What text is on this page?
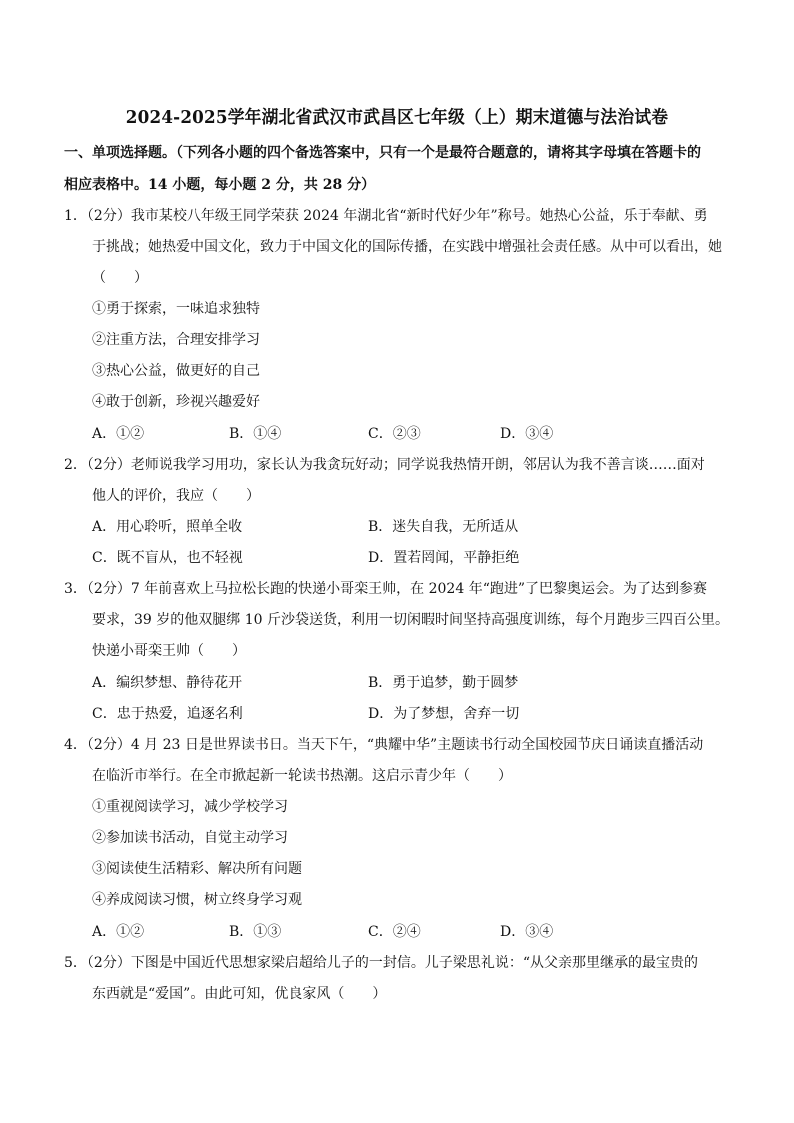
2024-2025学年湖北省武汉市武昌区七年级（上）期末道德与法治试卷
一、单项选择题。（下列各小题的四个备选答案中，只有一个是最符合题意的，请将其字母填在答题卡的
相应表格中。14 小题，每小题 2 分，共 28 分）
1．（2分）我市某校八年级王同学荣获 2024 年湖北省“新时代好少年”称号。她热心公益，乐于奉献、勇
于挑战；她热爱中国文化，致力于中国文化的国际传播，在实践中增强社会责任感。从中可以看出，她
（　　）
①勇于探索，一味追求独特
②注重方法，合理安排学习
③热心公益，做更好的自己
④敢于创新，珍视兴趣爱好
A．①②	B．①④	C．②③	D．③④
2．（2分）老师说我学习用功，家长认为我贪玩好动；同学说我热情开朗，邻居认为我不善言谈……面对
他人的评价，我应（　　）
A．用心聆听，照单全收	B．迷失自我，无所适从
C．既不盲从，也不轻视	D．置若罔闻，平静拒绝
3．（2分）7 年前喜欢上马拉松长跑的快递小哥栾王帅，在 2024 年“跑进”了巴黎奥运会。为了达到参赛
要求，39 岁的他双腿绑 10 斤沙袋送货，利用一切闲暇时间坚持高强度训练，每个月跑步三四百公里。
快递小哥栾王帅（　　）
A．编织梦想、静待花开	B．勇于追梦，勤于圆梦
C．忠于热爱，追逐名利	D．为了梦想，舍弃一切
4．（2分）4 月 23 日是世界读书日。当天下午，“典耀中华”主题读书行动全国校园节庆日诵读直播活动
在临沂市举行。在全市掀起新一轮读书热潮。这启示青少年（　　）
①重视阅读学习，减少学校学习
②参加读书活动，自觉主动学习
③阅读使生活精彩、解决所有问题
④养成阅读习惯，树立终身学习观
A．①②	B．①③	C．②④	D．③④
5．（2分）下图是中国近代思想家梁启超给儿子的一封信。儿子梁思礼说：“从父亲那里继承的最宝贵的
东西就是“爱国”。由此可知，优良家风（　　）
